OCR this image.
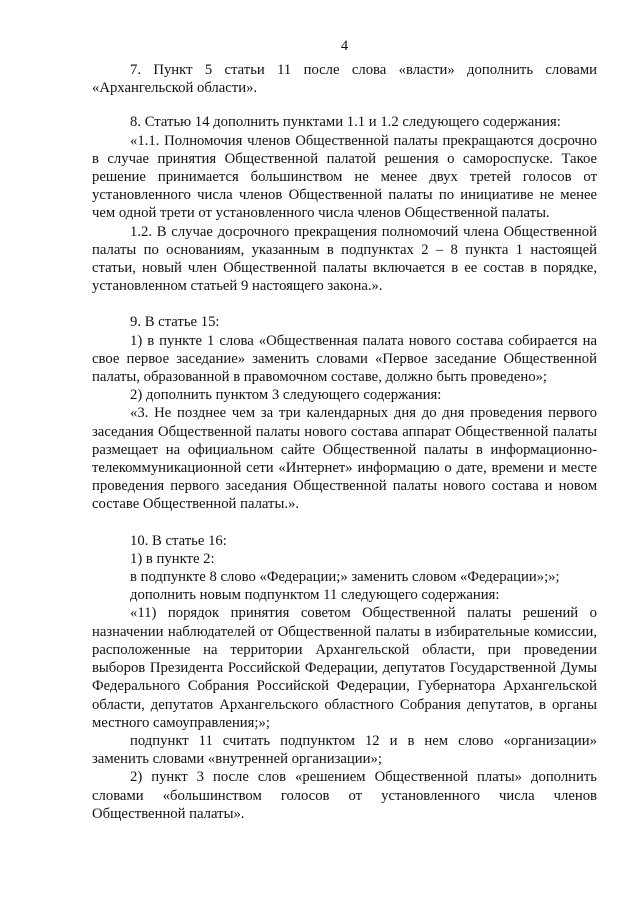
4

7. Пункт 5 статьи 11 после слова «власти» дополнить словами «Архангельской области».

8. Статью 14 дополнить пунктами 1.1 и 1.2 следующего содержания:

«1.1. Полномочия членов Общественной палаты прекращаются досрочно в случае принятия Общественной палатой решения о самороспуске. Такое решение принимается большинством не менее двух третей голосов от установленного числа членов Общественной палаты по инициативе не менее чем одной трети от установленного числа членов Общественной палаты.

1.2. В случае досрочного прекращения полномочий члена Общественной палаты по основаниям, указанным в подпунктах 2 – 8 пункта 1 настоящей статьи, новый член Общественной палаты включается в ее состав в порядке, установленном статьей 9 настоящего закона.».

9. В статье 15:

1) в пункте 1 слова «Общественная палата нового состава собирается на свое первое заседание» заменить словами «Первое заседание Общественной палаты, образованной в правомочном составе, должно быть проведено»;

2) дополнить пунктом 3 следующего содержания:

«3. Не позднее чем за три календарных дня до дня проведения первого заседания Общественной палаты нового состава аппарат Общественной палаты размещает на официальном сайте Общественной палаты в информационно-телекоммуникационной сети «Интернет» информацию о дате, времени и месте проведения первого заседания Общественной палаты нового состава и новом составе Общественной палаты.».

10. В статье 16:

1) в пункте 2:

в подпункте 8 слово «Федерации;» заменить словом «Федерации»;»;

дополнить новым подпунктом 11 следующего содержания:

«11) порядок принятия советом Общественной палаты решений о назначении наблюдателей от Общественной палаты в избирательные комиссии, расположенные на территории Архангельской области, при проведении выборов Президента Российской Федерации, депутатов Государственной Думы Федерального Собрания Российской Федерации, Губернатора Архангельской области, депутатов Архангельского областного Собрания депутатов, в органы местного самоуправления;»;

подпункт 11 считать подпунктом 12 и в нем слово «организации» заменить словами «внутренней организации»;

2) пункт 3 после слов «решением Общественной платы» дополнить словами «большинством голосов от установленного числа членов Общественной палаты».
